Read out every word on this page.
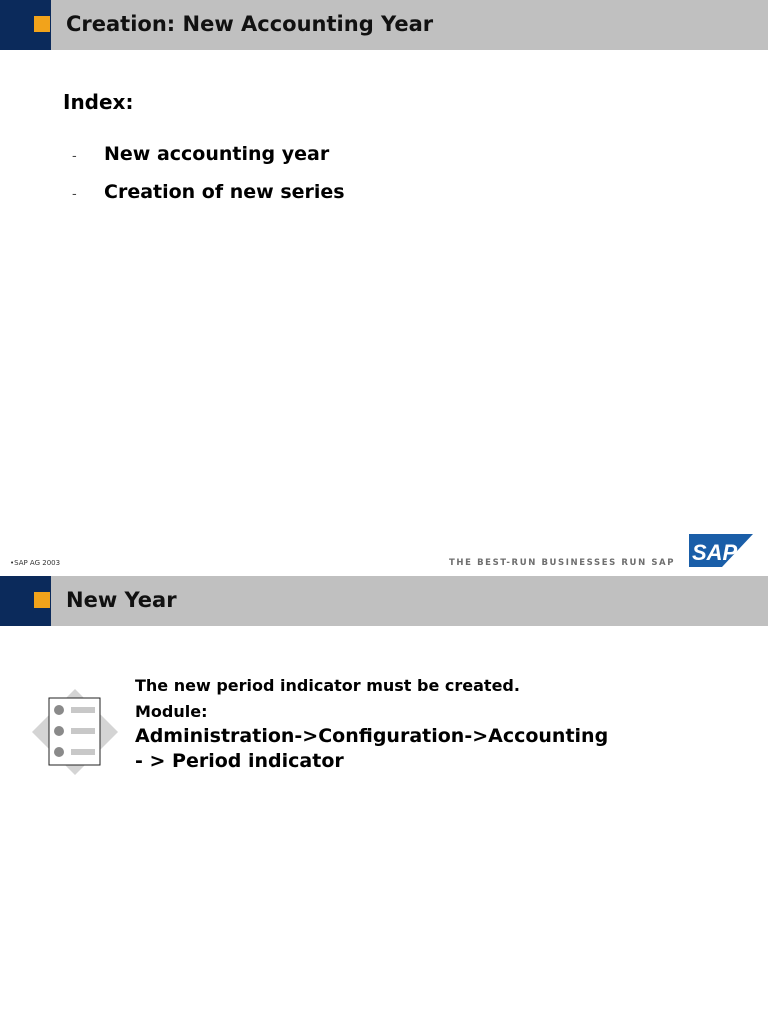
Creation: New Accounting Year
Index:
- New accounting year
- Creation of new series
•SAP AG 2003	THE BEST-RUN BUSINESSES RUN SAP SAP
New Year
The new period indicator must be created.
Module:
Administration->Configuration->Accounting
- > Period indicator
